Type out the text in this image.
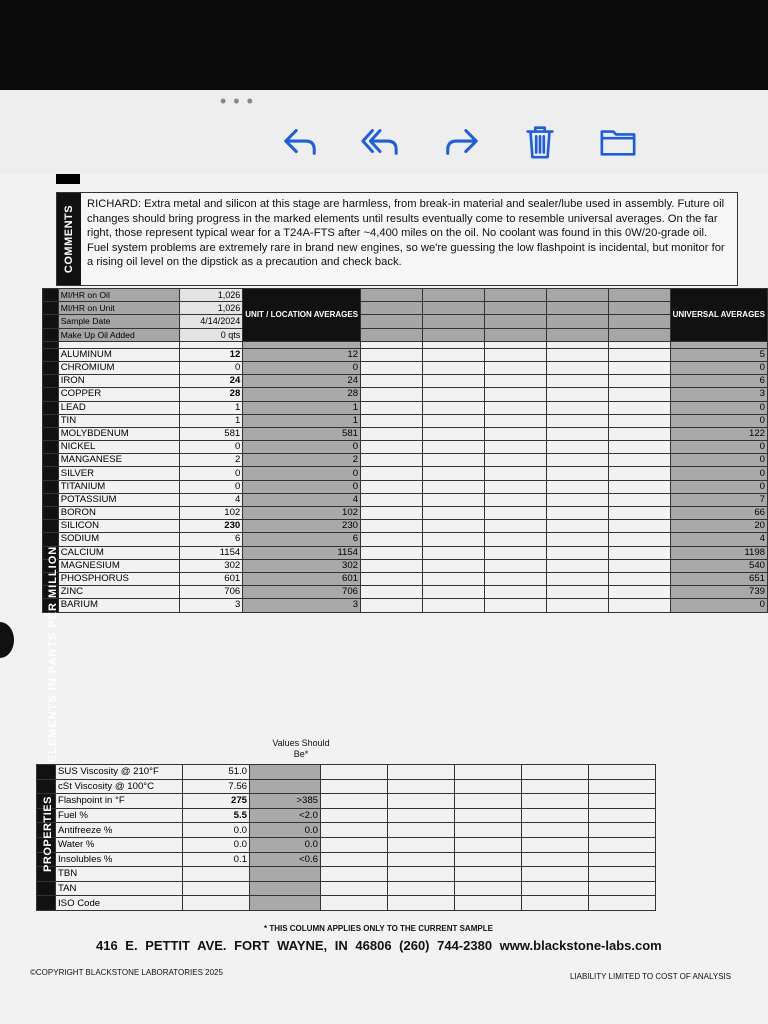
• • •
COMMENTS
RICHARD: Extra metal and silicon at this stage are harmless, from break-in material and sealer/lube used in assembly. Future oil changes should bring progress in the marked elements until results eventually come to resemble universal averages. On the far right, those represent typical wear for a T24A-FTS after ~4,400 miles on the oil. No coolant was found in this 0W/20-grade oil. Fuel system problems are extremely rare in brand new engines, so we're guessing the low flashpoint is incidental, but monitor for a rising oil level on the dipstick as a precaution and check back.
	MI/HR on Oil	1,026	UNIT / LOCATION AVERAGES						UNIVERSAL AVERAGES
	MI/HR on Unit	1,026							
	Sample Date	4/14/2024							
	Make Up Oil Added	0 qts							

	ALUMINUM	12	12						5
	CHROMIUM	0	0						0
	IRON	24	24						6
	COPPER	28	28						3
	LEAD	1	1						0
	TIN	1	1						0
	MOLYBDENUM	581	581						122
	NICKEL	0	0						0
	MANGANESE	2	2						0
	SILVER	0	0						0
	TITANIUM	0	0						0
	POTASSIUM	4	4						7
	BORON	102	102						66
	SILICON	230	230						20
	SODIUM	6	6						4
	CALCIUM	1154	1154						1198
	MAGNESIUM	302	302						540
	PHOSPHORUS	601	601						651
	ZINC	706	706						739
	BARIUM	3	3						0
ELEMENTS IN PARTS PER MILLION	Values Should Be*
	SUS Viscosity @ 210°F	51.0						
	cSt Viscosity @ 100°C	7.56						
	Flashpoint in °F	275	>385					
	Fuel %	5.5	<2.0					
	Antifreeze %	0.0	0.0					
	Water %	0.0	0.0					
	Insolubles %	0.1	<0.6					
	TBN							
	TAN							
	ISO Code							
PROPERTIES
* THIS COLUMN APPLIES ONLY TO THE CURRENT SAMPLE
416 E. PETTIT AVE. FORT WAYNE, IN 46806 (260) 744-2380 www.blackstone-labs.com
©COPYRIGHT BLACKSTONE LABORATORIES 2025	LIABILITY LIMITED TO COST OF ANALYSIS
